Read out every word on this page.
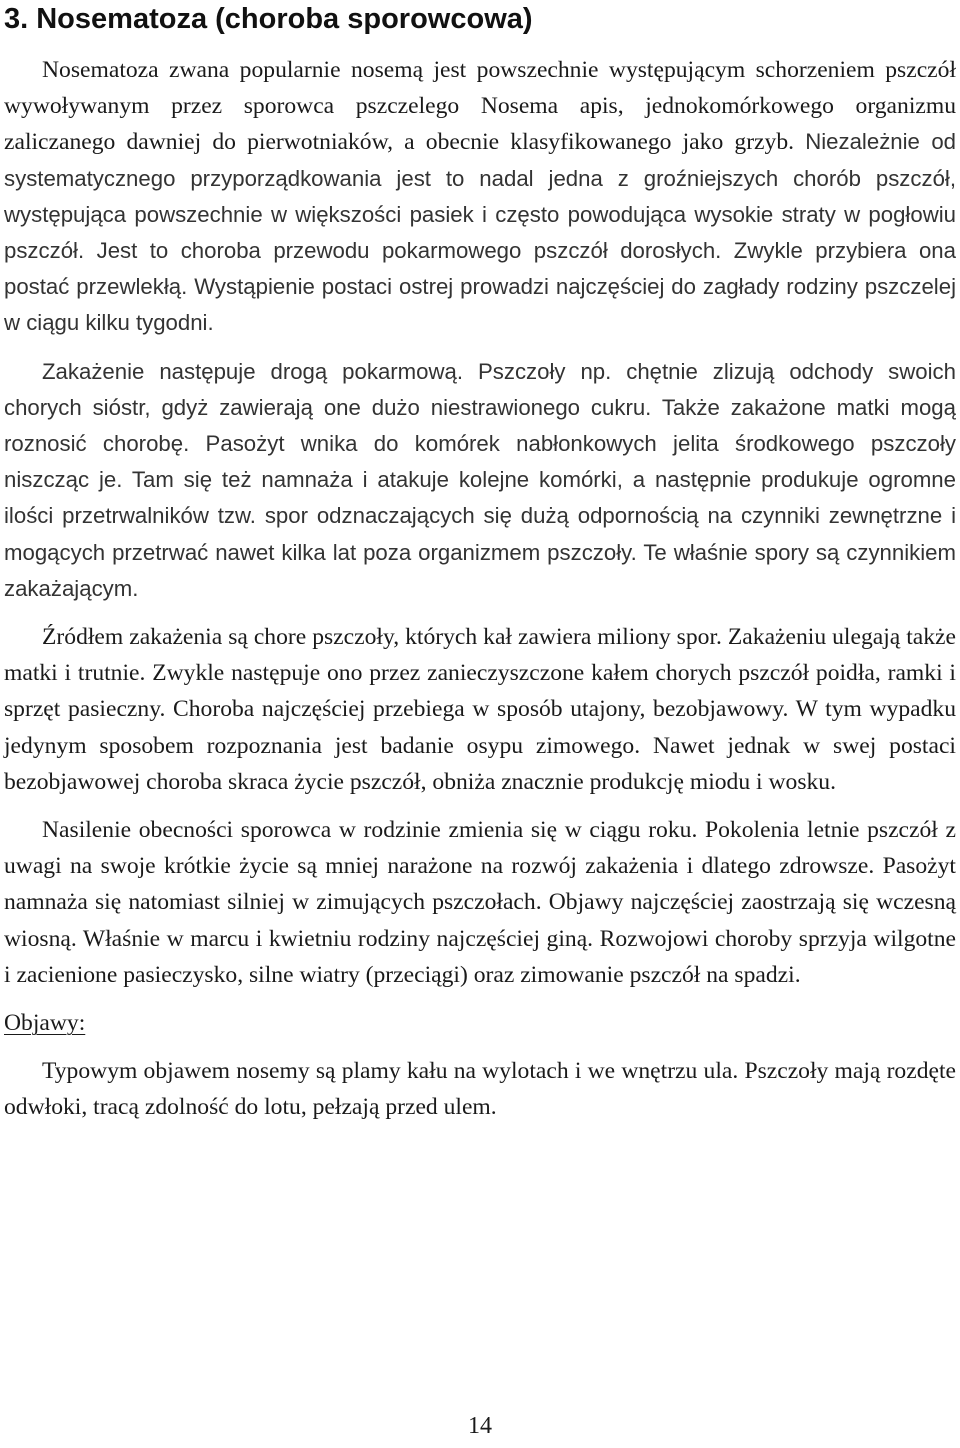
3. Nosematoza (choroba sporowcowa)

Nosematoza zwana popularnie nosemą jest powszechnie występującym schorzeniem pszczół wywoływanym przez sporowca pszczelego Nosema apis, jednokomórkowego organizmu zaliczanego dawniej do pierwotniaków, a obecnie klasyfikowanego jako grzyb. Niezależnie od systematycznego przyporządkowania jest to nadal jedna z groźniejszych chorób pszczół, występująca powszechnie w większości pasiek i często powodująca wysokie straty w pogłowiu pszczół. Jest to choroba przewodu pokarmowego pszczół dorosłych. Zwykle przybiera ona postać przewlekłą. Wystąpienie postaci ostrej prowadzi najczęściej do zagłady rodziny pszczelej w ciągu kilku tygodni.

Zakażenie następuje drogą pokarmową. Pszczoły np. chętnie zlizują odchody swoich chorych sióstr, gdyż zawierają one dużo niestrawionego cukru. Także zakażone matki mogą roznosić chorobę. Pasożyt wnika do komórek nabłonkowych jelita środkowego pszczoły niszcząc je. Tam się też namnaża i atakuje kolejne komórki, a następnie produkuje ogromne ilości przetrwalników tzw. spor odznaczających się dużą odpornością na czynniki zewnętrzne i mogących przetrwać nawet kilka lat poza organizmem pszczoły. Te właśnie spory są czynnikiem zakażającym.

Źródłem zakażenia są chore pszczoły, których kał zawiera miliony spor. Zakażeniu ulegają także matki i trutnie. Zwykle następuje ono przez zanieczyszczone kałem chorych pszczół poidła, ramki i sprzęt pasieczny. Choroba najczęściej przebiega w sposób utajony, bezobjawowy. W tym wypadku jedynym sposobem rozpoznania jest badanie osypu zimowego. Nawet jednak w swej postaci bezobjawowej choroba skraca życie pszczół, obniża znacznie produkcję miodu i wosku.

Nasilenie obecności sporowca w rodzinie zmienia się w ciągu roku. Pokolenia letnie pszczół z uwagi na swoje krótkie życie są mniej narażone na rozwój zakażenia i dlatego zdrowsze. Pasożyt namnaża się natomiast silniej w zimujących pszczołach. Objawy najczęściej zaostrzają się wczesną wiosną. Właśnie w marcu i kwietniu rodziny najczęściej giną. Rozwojowi choroby sprzyja wilgotne i zacienione pasieczysko, silne wiatry (przeciągi) oraz zimowanie pszczół na spadzi.

Objawy:

Typowym objawem nosemy są plamy kału na wylotach i we wnętrzu ula. Pszczoły mają rozdęte odwłoki, tracą zdolność do lotu, pełzają przed ulem.

14
